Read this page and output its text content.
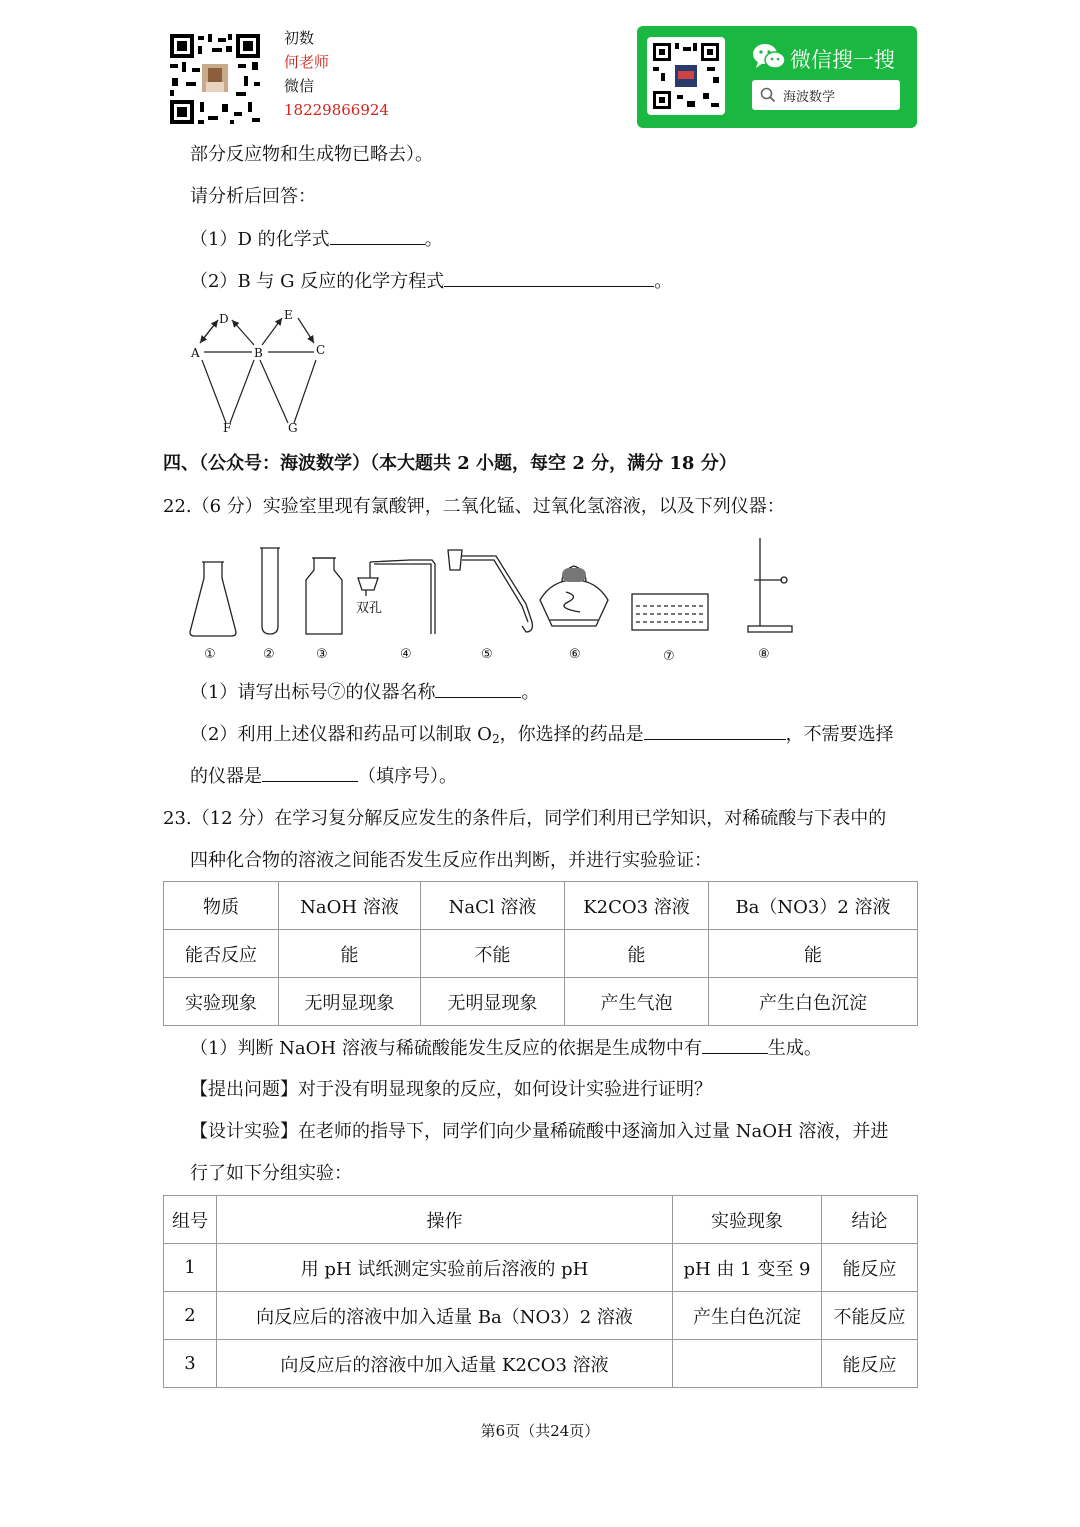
初数
何老师
微信
18229866924
微信搜一搜
海波数学
部分反应物和生成物已略去）。
请分析后回答：
（1）D 的化学式	。
（2）B 与 G 反应的化学方程式	。
D	E
A	B	C
F	G
四、（公众号：海波数学）（本大题共 2 小题，每空 2 分，满分 18 分）
22.（6 分）实验室里现有氯酸钾，二氧化锰、过氧化氢溶液，以及下列仪器：
双孔
①	②	③	④	⑤	⑥	⑦	⑧
（1）请写出标号⑦的仪器名称	。
（2）利用上述仪器和药品可以制取 $O_2$，你选择的药品是	，不需要选择
的仪器是	（填序号）。
23.（12 分）在学习复分解反应发生的条件后，同学们利用已学知识，对稀硫酸与下表中的
四种化合物的溶液之间能否发生反应作出判断，并进行实验验证：
物质	NaOH 溶液	NaCl 溶液	K2CO3 溶液	Ba（NO3）2 溶液
能否反应	能	不能	能	能
实验现象	无明显现象	无明显现象	产生气泡	产生白色沉淀
（1）判断 NaOH 溶液与稀硫酸能发生反应的依据是生成物中有	生成。
【提出问题】对于没有明显现象的反应，如何设计实验进行证明？
【设计实验】在老师的指导下，同学们向少量稀硫酸中逐滴加入过量 NaOH 溶液，并进
行了如下分组实验：
组号	操作	实验现象	结论
1	用 pH 试纸测定实验前后溶液的 pH	pH 由 1 变至 9	能反应
2	向反应后的溶液中加入适量 Ba（NO3）2 溶液	产生白色沉淀	不能反应
3	向反应后的溶液中加入适量 K2CO3 溶液		能反应
第6页（共24页）
